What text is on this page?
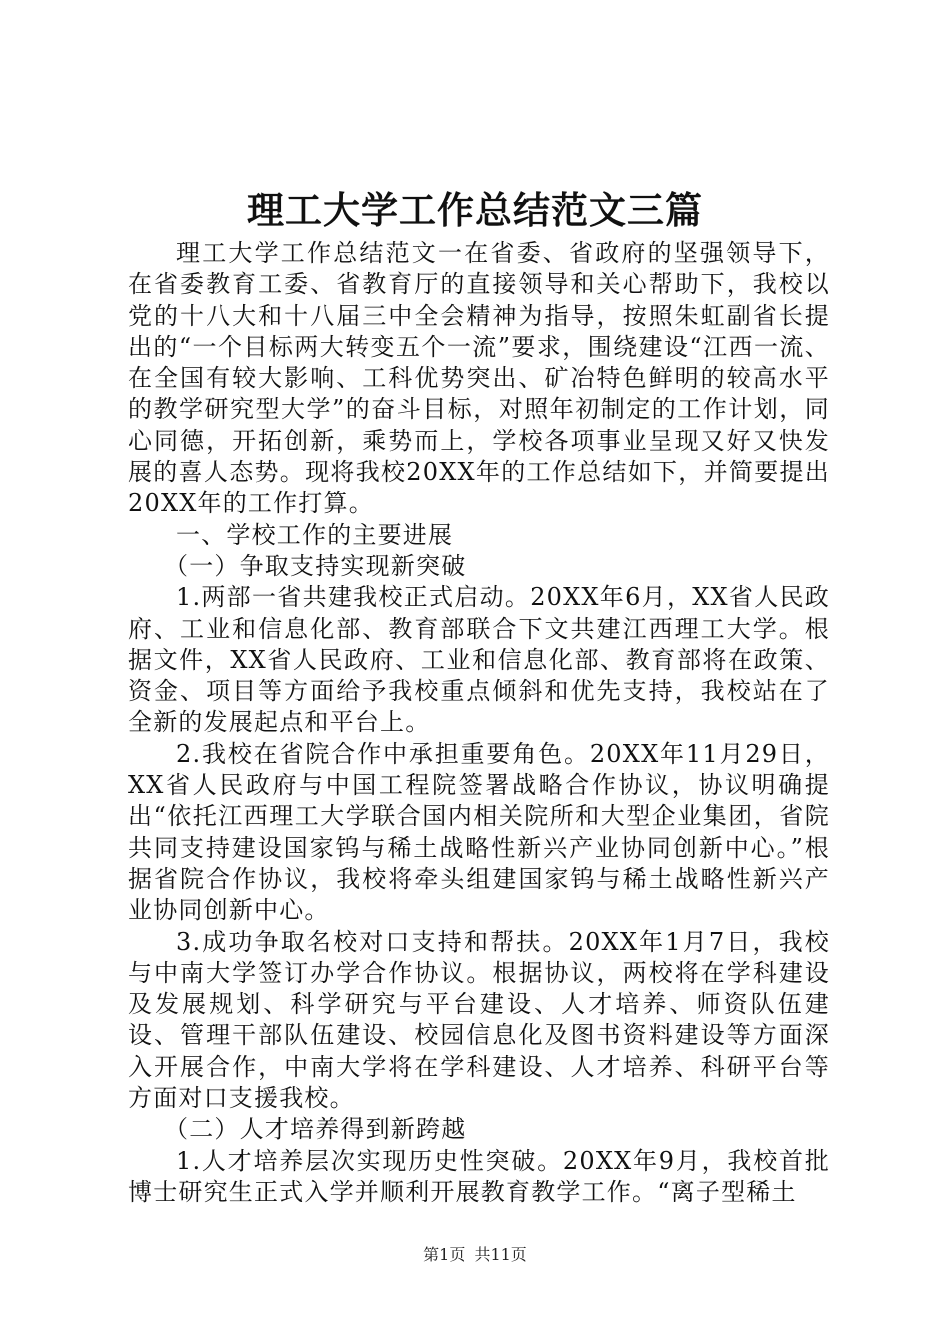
理工大学工作总结范文三篇

理工大学工作总结范文一在省委、省政府的坚强领导下，在省委教育工委、省教育厅的直接领导和关心帮助下，我校以党的十八大和十八届三中全会精神为指导，按照朱虹副省长提出的“一个目标两大转变五个一流”要求，围绕建设“江西一流、在全国有较大影响、工科优势突出、矿冶特色鲜明的较高水平的教学研究型大学”的奋斗目标，对照年初制定的工作计划，同心同德，开拓创新，乘势而上，学校各项事业呈现又好又快发展的喜人态势。现将我校20XX年的工作总结如下，并简要提出20XX年的工作打算。

一、学校工作的主要进展

（一）争取支持实现新突破

1.两部一省共建我校正式启动。20XX年6月，XX省人民政府、工业和信息化部、教育部联合下文共建江西理工大学。根据文件，XX省人民政府、工业和信息化部、教育部将在政策、资金、项目等方面给予我校重点倾斜和优先支持，我校站在了全新的发展起点和平台上。

2.我校在省院合作中承担重要角色。20XX年11月29日，XX省人民政府与中国工程院签署战略合作协议，协议明确提出“依托江西理工大学联合国内相关院所和大型企业集团，省院共同支持建设国家钨与稀土战略性新兴产业协同创新中心。”根据省院合作协议，我校将牵头组建国家钨与稀土战略性新兴产业协同创新中心。

3.成功争取名校对口支持和帮扶。20XX年1月7日，我校与中南大学签订办学合作协议。根据协议，两校将在学科建设及发展规划、科学研究与平台建设、人才培养、师资队伍建设、管理干部队伍建设、校园信息化及图书资料建设等方面深入开展合作，中南大学将在学科建设、人才培养、科研平台等方面对口支援我校。

（二）人才培养得到新跨越

1.人才培养层次实现历史性突破。20XX年9月，我校首批博士研究生正式入学并顺利开展教育教学工作。“离子型稀土

第1页 共11页
